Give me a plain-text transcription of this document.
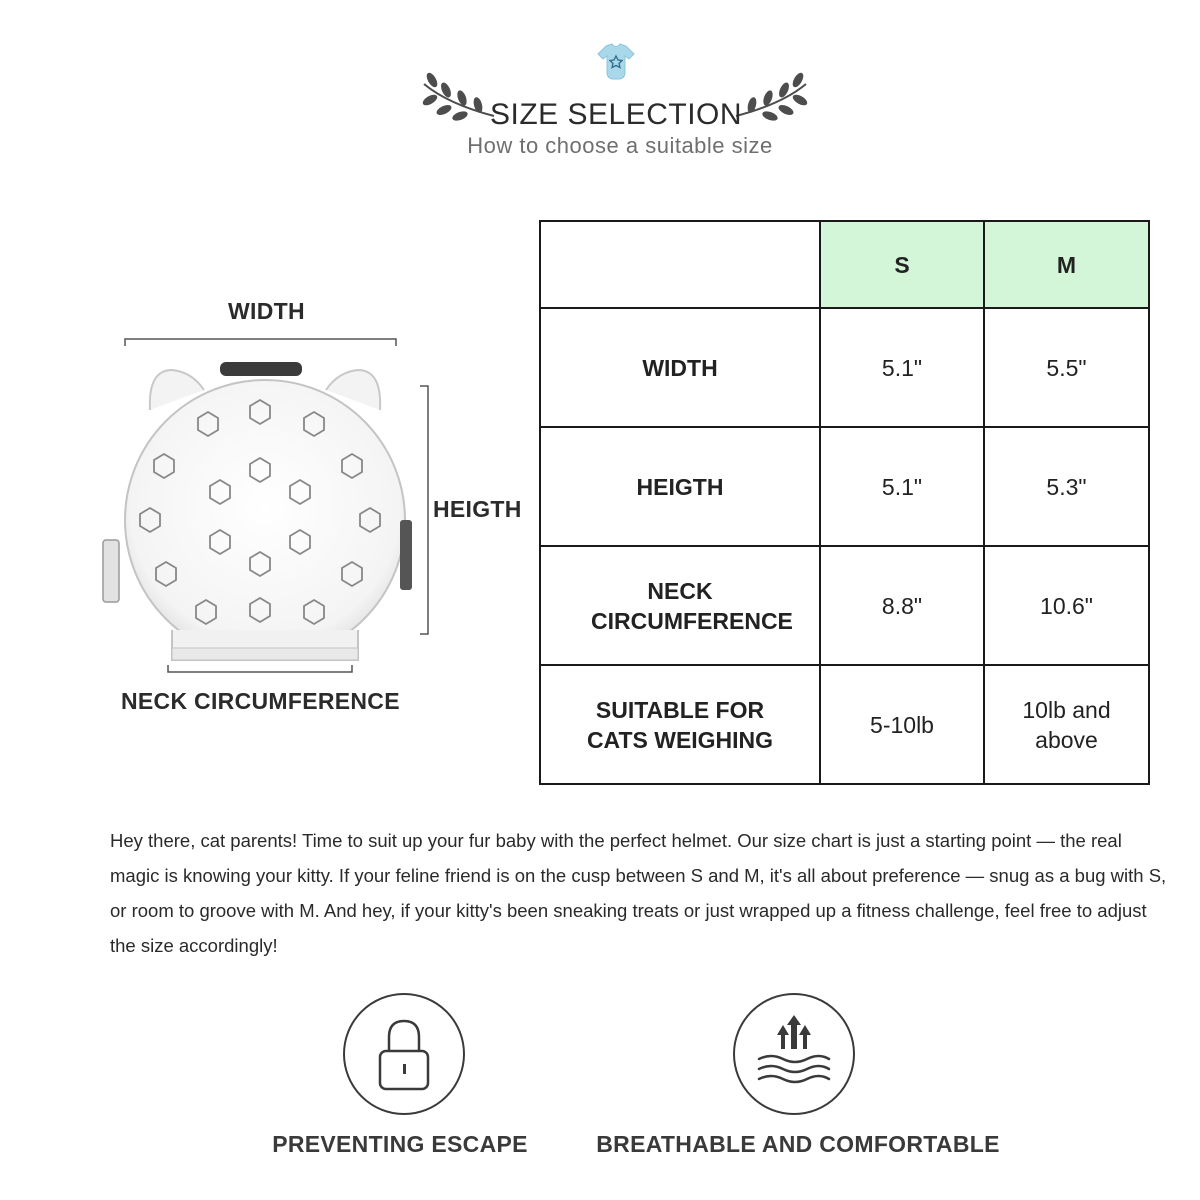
SIZE SELECTION
How to choose a suitable size
WIDTH
HEIGTH
NECK CIRCUMFERENCE
	S	M
WIDTH	5.1"	5.5"
HEIGTH	5.1"	5.3"
NECK CIRCUMFERENCE	8.8"	10.6"
SUITABLE FOR CATS WEIGHING	5-10lb	10lb and above
Hey there, cat parents! Time to suit up your fur baby with the perfect helmet. Our size chart is just a starting point — the real magic is knowing your kitty. If your feline friend is on the cusp between S and M, it's all about preference — snug as a bug with S, or room to groove with M. And hey, if your kitty's been sneaking treats or just wrapped up a fitness challenge, feel free to adjust the size accordingly!
PREVENTING ESCAPE	BREATHABLE AND COMFORTABLE
